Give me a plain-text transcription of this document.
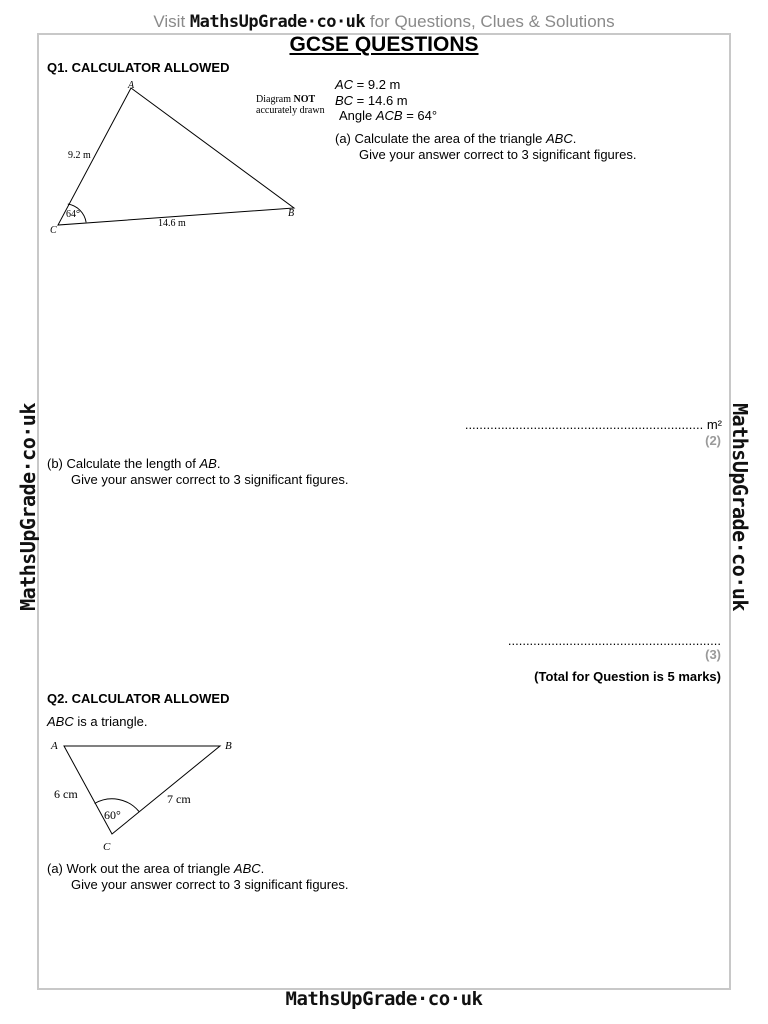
Visit MathsUpGrade·co·uk for Questions, Clues & Solutions
GCSE QUESTIONS
MathsUpGrade·co·uk	MathsUpGrade·co·uk
Q1. CALCULATOR ALLOWED
A
B
C
9.2 m
14.6 m
64°
Diagram NOT
accurately drawn
AC = 9.2 m
BC = 14.6 m
Angle ACB = 64°
(a) Calculate the area of the triangle ABC.
Give your answer correct to 3 significant figures.
.................................................................. m²
(2)
(b) Calculate the length of AB.
Give your answer correct to 3 significant figures.
...........................................................
(3)
(Total for Question is 5 marks)
Q2. CALCULATOR ALLOWED
ABC is a triangle.
A	B
C
6 cm	7 cm
60°
(a) Work out the area of triangle ABC.
Give your answer correct to 3 significant figures.
MathsUpGrade·co·uk
